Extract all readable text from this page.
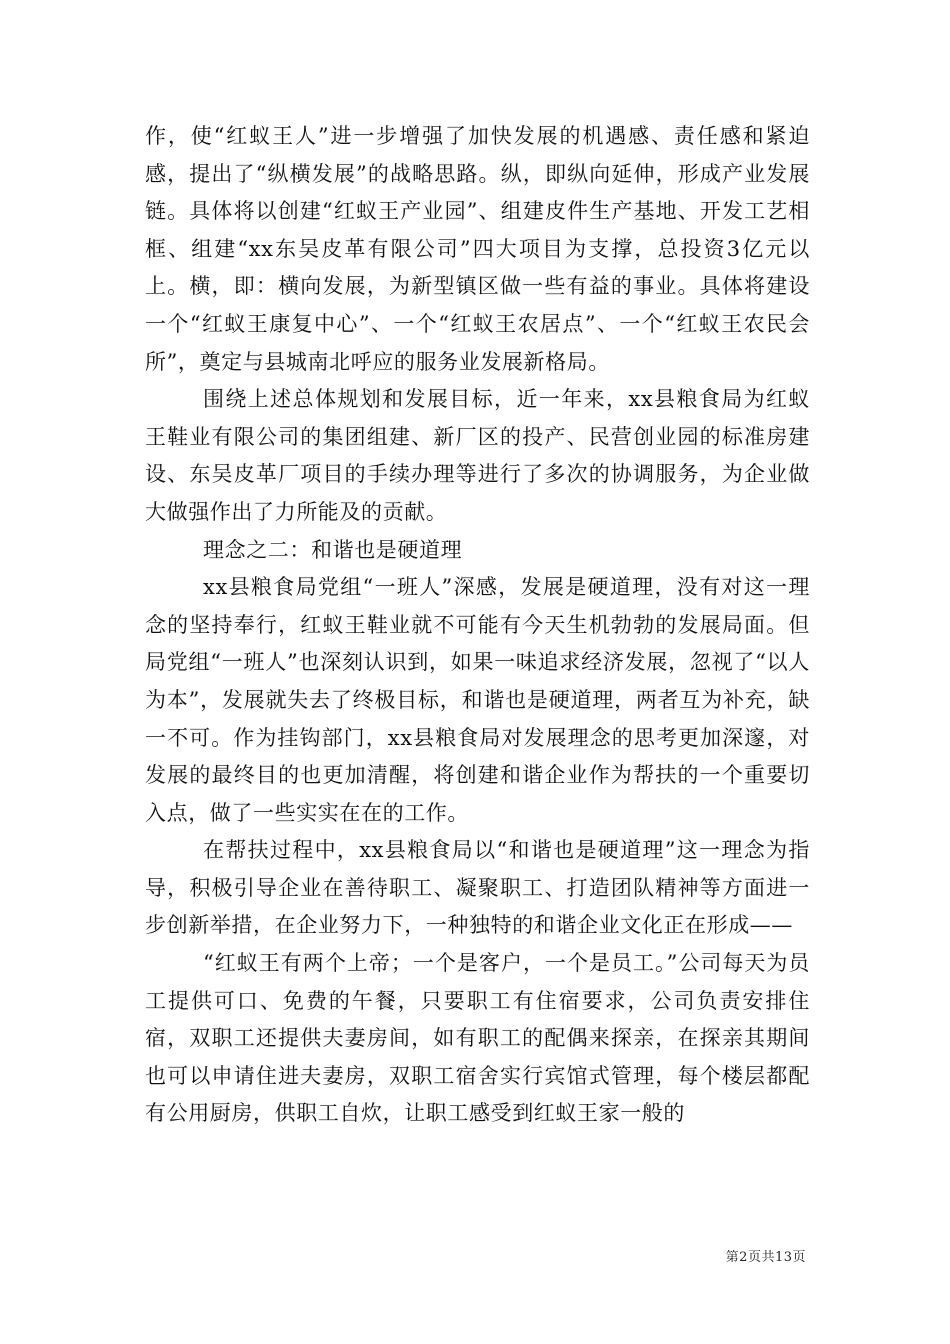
作，使“红蚁王人”进一步增强了加快发展的机遇感、责任感和紧迫感，提出了“纵横发展”的战略思路。纵，即纵向延伸，形成产业发展链。具体将以创建“红蚁王产业园”、组建皮件生产基地、开发工艺相框、组建“xx东吴皮革有限公司”四大项目为支撑，总投资3亿元以上。横，即：横向发展，为新型镇区做一些有益的事业。具体将建设一个“红蚁王康复中心”、一个“红蚁王农居点”、一个“红蚁王农民会所”，奠定与县城南北呼应的服务业发展新格局。

围绕上述总体规划和发展目标，近一年来，xx县粮食局为红蚁王鞋业有限公司的集团组建、新厂区的投产、民营创业园的标准房建设、东吴皮革厂项目的手续办理等进行了多次的协调服务，为企业做大做强作出了力所能及的贡献。

理念之二：和谐也是硬道理

xx县粮食局党组“一班人”深感，发展是硬道理，没有对这一理念的坚持奉行，红蚁王鞋业就不可能有今天生机勃勃的发展局面。但局党组“一班人”也深刻认识到，如果一味追求经济发展，忽视了“以人为本”，发展就失去了终极目标，和谐也是硬道理，两者互为补充，缺一不可。作为挂钩部门，xx县粮食局对发展理念的思考更加深邃，对发展的最终目的也更加清醒，将创建和谐企业作为帮扶的一个重要切入点，做了一些实实在在的工作。

在帮扶过程中，xx县粮食局以“和谐也是硬道理”这一理念为指导，积极引导企业在善待职工、凝聚职工、打造团队精神等方面进一步创新举措，在企业努力下，一种独特的和谐企业文化正在形成——

“红蚁王有两个上帝；一个是客户，一个是员工。”公司每天为员工提供可口、免费的午餐，只要职工有住宿要求，公司负责安排住宿，双职工还提供夫妻房间，如有职工的配偶来探亲，在探亲其期间也可以申请住进夫妻房，双职工宿舍实行宾馆式管理，每个楼层都配有公用厨房，供职工自炊，让职工感受到红蚁王家一般的

第2页共13页
